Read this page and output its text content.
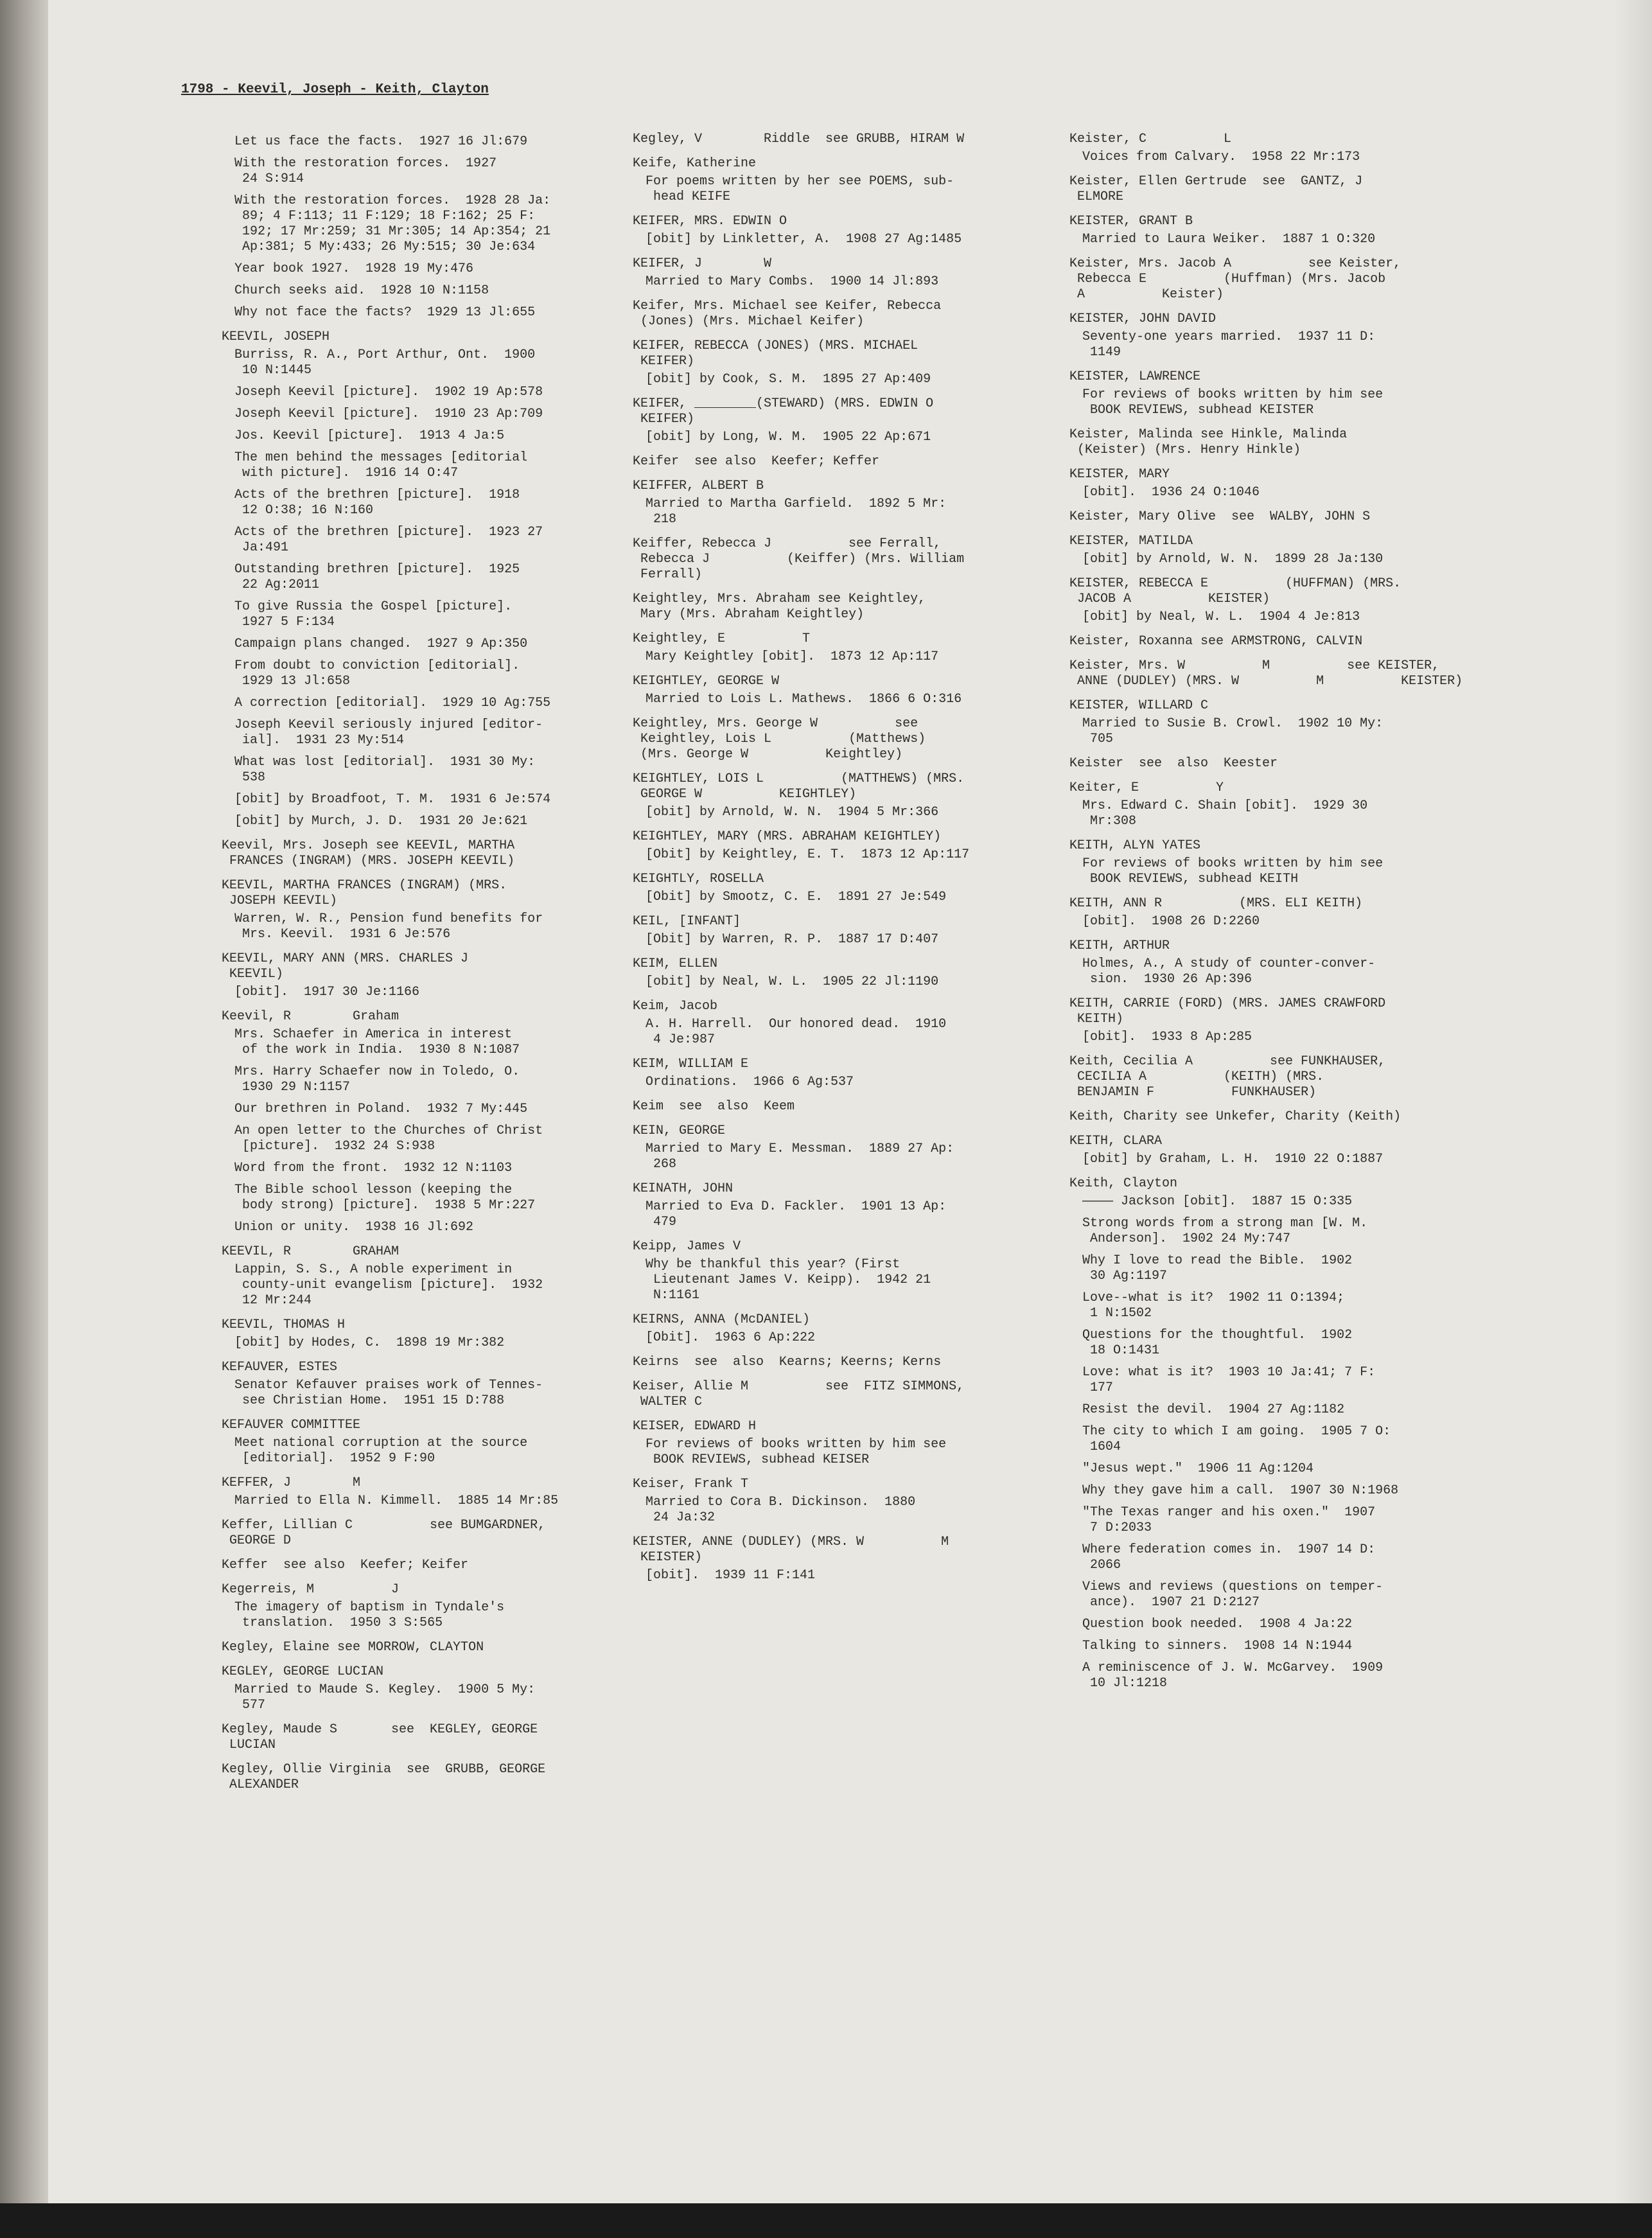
1798 - Keevil, Joseph - Keith, Clayton
Let us face the facts.  1927 16 Jl:679
With the restoration forces.  1927
24 S:914
With the restoration forces.  1928 28 Ja:
89; 4 F:113; 11 F:129; 18 F:162; 25 F:
192; 17 Mr:259; 31 Mr:305; 14 Ap:354; 21
Ap:381; 5 My:433; 26 My:515; 30 Je:634
Year book 1927.  1928 19 My:476
Church seeks aid.  1928 10 N:1158
Why not face the facts?  1929 13 Jl:655
KEEVIL, JOSEPH
Burriss, R. A., Port Arthur, Ont.  1900
10 N:1445
Joseph Keevil [picture].  1902 19 Ap:578
Joseph Keevil [picture].  1910 23 Ap:709
Jos. Keevil [picture].  1913 4 Ja:5
The men behind the messages [editorial
with picture].  1916 14 O:47
Acts of the brethren [picture].  1918
12 O:38; 16 N:160
Acts of the brethren [picture].  1923 27
Ja:491
Outstanding brethren [picture].  1925
22 Ag:2011
To give Russia the Gospel [picture].
1927 5 F:134
Campaign plans changed.  1927 9 Ap:350
From doubt to conviction [editorial].
1929 13 Jl:658
A correction [editorial].  1929 10 Ag:755
Joseph Keevil seriously injured [editor-
ial].  1931 23 My:514
What was lost [editorial].  1931 30 My:
538
[obit] by Broadfoot, T. M.  1931 6 Je:574
[obit] by Murch, J. D.  1931 20 Je:621
Keevil, Mrs. Joseph see KEEVIL, MARTHA
FRANCES (INGRAM) (MRS. JOSEPH KEEVIL)
KEEVIL, MARTHA FRANCES (INGRAM) (MRS.
JOSEPH KEEVIL)
Warren, W. R., Pension fund benefits for
Mrs. Keevil.  1931 6 Je:576
KEEVIL, MARY ANN (MRS. CHARLES J
KEEVIL)
[obit].  1917 30 Je:1166
Keevil, R        Graham
Mrs. Schaefer in America in interest
of the work in India.  1930 8 N:1087
Mrs. Harry Schaefer now in Toledo, O.
1930 29 N:1157
Our brethren in Poland.  1932 7 My:445
An open letter to the Churches of Christ
[picture].  1932 24 S:938
Word from the front.  1932 12 N:1103
The Bible school lesson (keeping the
body strong) [picture].  1938 5 Mr:227
Union or unity.  1938 16 Jl:692
KEEVIL, R        GRAHAM
Lappin, S. S., A noble experiment in
county-unit evangelism [picture].  1932
12 Mr:244
KEEVIL, THOMAS H
[obit] by Hodes, C.  1898 19 Mr:382
KEFAUVER, ESTES
Senator Kefauver praises work of Tennes-
see Christian Home.  1951 15 D:788
KEFAUVER COMMITTEE
Meet national corruption at the source
[editorial].  1952 9 F:90
KEFFER, J        M
Married to Ella N. Kimmell.  1885 14 Mr:85
Keffer, Lillian C          see BUMGARDNER,
GEORGE D
Keffer  see also  Keefer; Keifer
Kegerreis, M          J
The imagery of baptism in Tyndale's
translation.  1950 3 S:565
Kegley, Elaine see MORROW, CLAYTON
KEGLEY, GEORGE LUCIAN
Married to Maude S. Kegley.  1900 5 My:
577
Kegley, Maude S       see  KEGLEY, GEORGE
LUCIAN
Kegley, Ollie Virginia  see  GRUBB, GEORGE
ALEXANDER
Kegley, V        Riddle  see GRUBB, HIRAM W
Keife, Katherine
For poems written by her see POEMS, sub-
head KEIFE
KEIFER, MRS. EDWIN O
[obit] by Linkletter, A.  1908 27 Ag:1485
KEIFER, J        W
Married to Mary Combs.  1900 14 Jl:893
Keifer, Mrs. Michael see Keifer, Rebecca
(Jones) (Mrs. Michael Keifer)
KEIFER, REBECCA (JONES) (MRS. MICHAEL
KEIFER)
[obit] by Cook, S. M.  1895 27 Ap:409
KEIFER, ________(STEWARD) (MRS. EDWIN O
KEIFER)
[obit] by Long, W. M.  1905 22 Ap:671
Keifer  see also  Keefer; Keffer
KEIFFER, ALBERT B
Married to Martha Garfield.  1892 5 Mr:
218
Keiffer, Rebecca J          see Ferrall,
Rebecca J          (Keiffer) (Mrs. William
Ferrall)
Keightley, Mrs. Abraham see Keightley,
Mary (Mrs. Abraham Keightley)
Keightley, E          T
Mary Keightley [obit].  1873 12 Ap:117
KEIGHTLEY, GEORGE W
Married to Lois L. Mathews.  1866 6 O:316
Keightley, Mrs. George W          see
Keightley, Lois L          (Matthews)
(Mrs. George W          Keightley)
KEIGHTLEY, LOIS L          (MATTHEWS) (MRS.
GEORGE W          KEIGHTLEY)
[obit] by Arnold, W. N.  1904 5 Mr:366
KEIGHTLEY, MARY (MRS. ABRAHAM KEIGHTLEY)
[Obit] by Keightley, E. T.  1873 12 Ap:117
KEIGHTLY, ROSELLA
[Obit] by Smootz, C. E.  1891 27 Je:549
KEIL, [INFANT]
[Obit] by Warren, R. P.  1887 17 D:407
KEIM, ELLEN
[obit] by Neal, W. L.  1905 22 Jl:1190
Keim, Jacob
A. H. Harrell.  Our honored dead.  1910
4 Je:987
KEIM, WILLIAM E
Ordinations.  1966 6 Ag:537
Keim  see  also  Keem
KEIN, GEORGE
Married to Mary E. Messman.  1889 27 Ap:
268
KEINATH, JOHN
Married to Eva D. Fackler.  1901 13 Ap:
479
Keipp, James V
Why be thankful this year? (First
Lieutenant James V. Keipp).  1942 21
N:1161
KEIRNS, ANNA (McDANIEL)
[Obit].  1963 6 Ap:222
Keirns  see  also  Kearns; Keerns; Kerns
Keiser, Allie M          see  FITZ SIMMONS,
WALTER C
KEISER, EDWARD H
For reviews of books written by him see
BOOK REVIEWS, subhead KEISER
Keiser, Frank T
Married to Cora B. Dickinson.  1880
24 Ja:32
KEISTER, ANNE (DUDLEY) (MRS. W          M
KEISTER)
[obit].  1939 11 F:141
Keister, C          L
Voices from Calvary.  1958 22 Mr:173
Keister, Ellen Gertrude  see  GANTZ, J
ELMORE
KEISTER, GRANT B
Married to Laura Weiker.  1887 1 O:320
Keister, Mrs. Jacob A          see Keister,
Rebecca E          (Huffman) (Mrs. Jacob
A          Keister)
KEISTER, JOHN DAVID
Seventy-one years married.  1937 11 D:
1149
KEISTER, LAWRENCE
For reviews of books written by him see
BOOK REVIEWS, subhead KEISTER
Keister, Malinda see Hinkle, Malinda
(Keister) (Mrs. Henry Hinkle)
KEISTER, MARY
[obit].  1936 24 O:1046
Keister, Mary Olive  see  WALBY, JOHN S
KEISTER, MATILDA
[obit] by Arnold, W. N.  1899 28 Ja:130
KEISTER, REBECCA E          (HUFFMAN) (MRS.
JACOB A          KEISTER)
[obit] by Neal, W. L.  1904 4 Je:813
Keister, Roxanna see ARMSTRONG, CALVIN
Keister, Mrs. W          M          see KEISTER,
ANNE (DUDLEY) (MRS. W          M          KEISTER)
KEISTER, WILLARD C
Married to Susie B. Crowl.  1902 10 My:
705
Keister  see  also  Keester
Keiter, E          Y
Mrs. Edward C. Shain [obit].  1929 30
Mr:308
KEITH, ALYN YATES
For reviews of books written by him see
BOOK REVIEWS, subhead KEITH
KEITH, ANN R          (MRS. ELI KEITH)
[obit].  1908 26 D:2260
KEITH, ARTHUR
Holmes, A., A study of counter-conver-
sion.  1930 26 Ap:396
KEITH, CARRIE (FORD) (MRS. JAMES CRAWFORD
KEITH)
[obit].  1933 8 Ap:285
Keith, Cecilia A          see FUNKHAUSER,
CECILIA A          (KEITH) (MRS.
BENJAMIN F          FUNKHAUSER)
Keith, Charity see Unkefer, Charity (Keith)
KEITH, CLARA
[obit] by Graham, L. H.  1910 22 O:1887
Keith, Clayton
———— Jackson [obit].  1887 15 O:335
Strong words from a strong man [W. M.
Anderson].  1902 24 My:747
Why I love to read the Bible.  1902
30 Ag:1197
Love--what is it?  1902 11 O:1394;
1 N:1502
Questions for the thoughtful.  1902
18 O:1431
Love: what is it?  1903 10 Ja:41; 7 F:
177
Resist the devil.  1904 27 Ag:1182
The city to which I am going.  1905 7 O:
1604
"Jesus wept."  1906 11 Ag:1204
Why they gave him a call.  1907 30 N:1968
"The Texas ranger and his oxen."  1907
7 D:2033
Where federation comes in.  1907 14 D:
2066
Views and reviews (questions on temper-
ance).  1907 21 D:2127
Question book needed.  1908 4 Ja:22
Talking to sinners.  1908 14 N:1944
A reminiscence of J. W. McGarvey.  1909
10 Jl:1218
